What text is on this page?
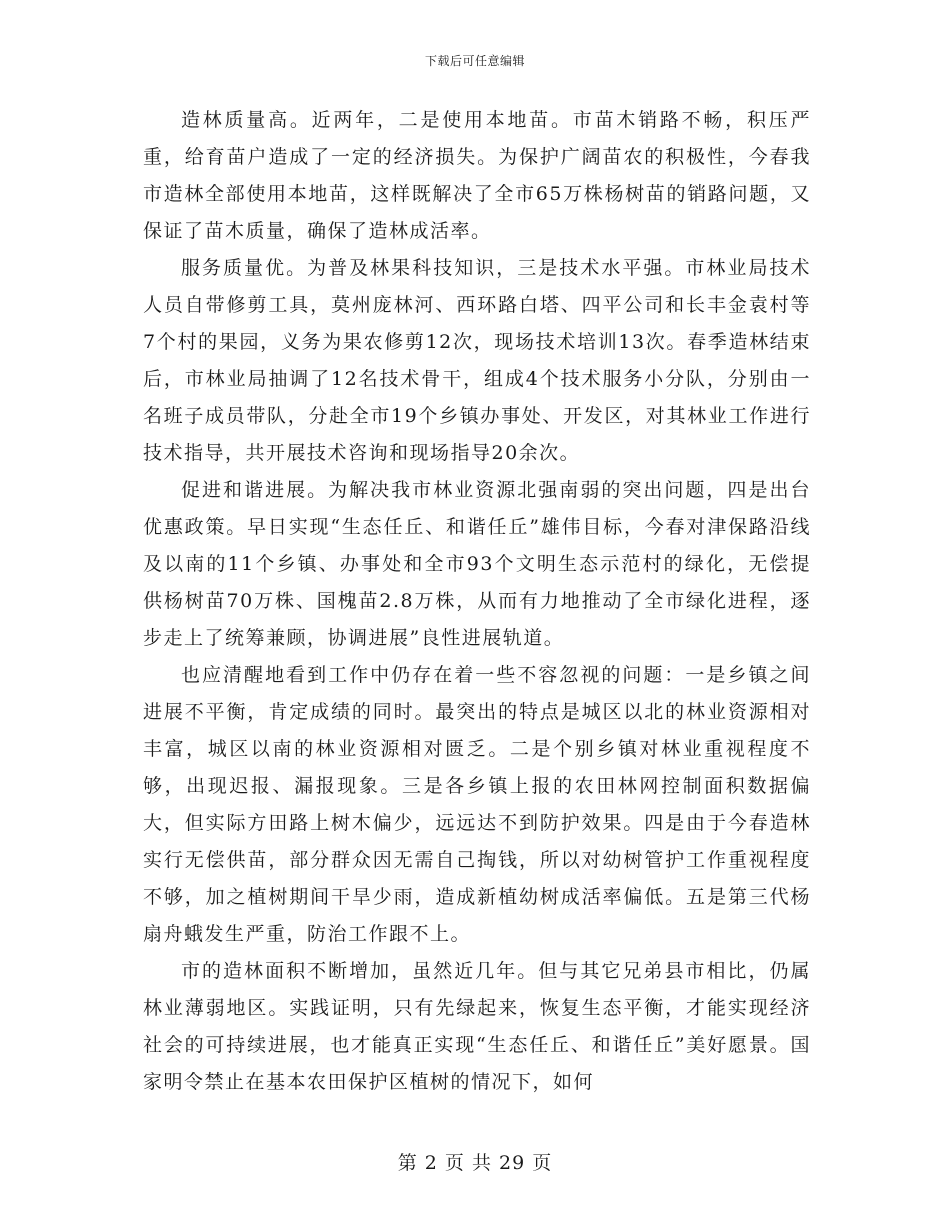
下载后可任意编辑

造林质量高。近两年，二是使用本地苗。市苗木销路不畅，积压严重，给育苗户造成了一定的经济损失。为保护广阔苗农的积极性，今春我市造林全部使用本地苗，这样既解决了全市65万株杨树苗的销路问题，又保证了苗木质量，确保了造林成活率。

服务质量优。为普及林果科技知识，三是技术水平强。市林业局技术人员自带修剪工具，莫州庞林河、西环路白塔、四平公司和长丰金袁村等7个村的果园，义务为果农修剪12次，现场技术培训13次。春季造林结束后，市林业局抽调了12名技术骨干，组成4个技术服务小分队，分别由一名班子成员带队，分赴全市19个乡镇办事处、开发区，对其林业工作进行技术指导，共开展技术咨询和现场指导20余次。

促进和谐进展。为解决我市林业资源北强南弱的突出问题，四是出台优惠政策。早日实现“生态任丘、和谐任丘”雄伟目标，今春对津保路沿线及以南的11个乡镇、办事处和全市93个文明生态示范村的绿化，无偿提供杨树苗70万株、国槐苗2.8万株，从而有力地推动了全市绿化进程，逐步走上了统筹兼顾，协调进展”良性进展轨道。

也应清醒地看到工作中仍存在着一些不容忽视的问题：一是乡镇之间进展不平衡，肯定成绩的同时。最突出的特点是城区以北的林业资源相对丰富，城区以南的林业资源相对匮乏。二是个别乡镇对林业重视程度不够，出现迟报、漏报现象。三是各乡镇上报的农田林网控制面积数据偏大，但实际方田路上树木偏少，远远达不到防护效果。四是由于今春造林实行无偿供苗，部分群众因无需自己掏钱，所以对幼树管护工作重视程度不够，加之植树期间干旱少雨，造成新植幼树成活率偏低。五是第三代杨扇舟蛾发生严重，防治工作跟不上。

市的造林面积不断增加，虽然近几年。但与其它兄弟县市相比，仍属林业薄弱地区。实践证明，只有先绿起来，恢复生态平衡，才能实现经济社会的可持续进展，也才能真正实现“生态任丘、和谐任丘”美好愿景。国家明令禁止在基本农田保护区植树的情况下，如何

第 2 页 共 29 页
